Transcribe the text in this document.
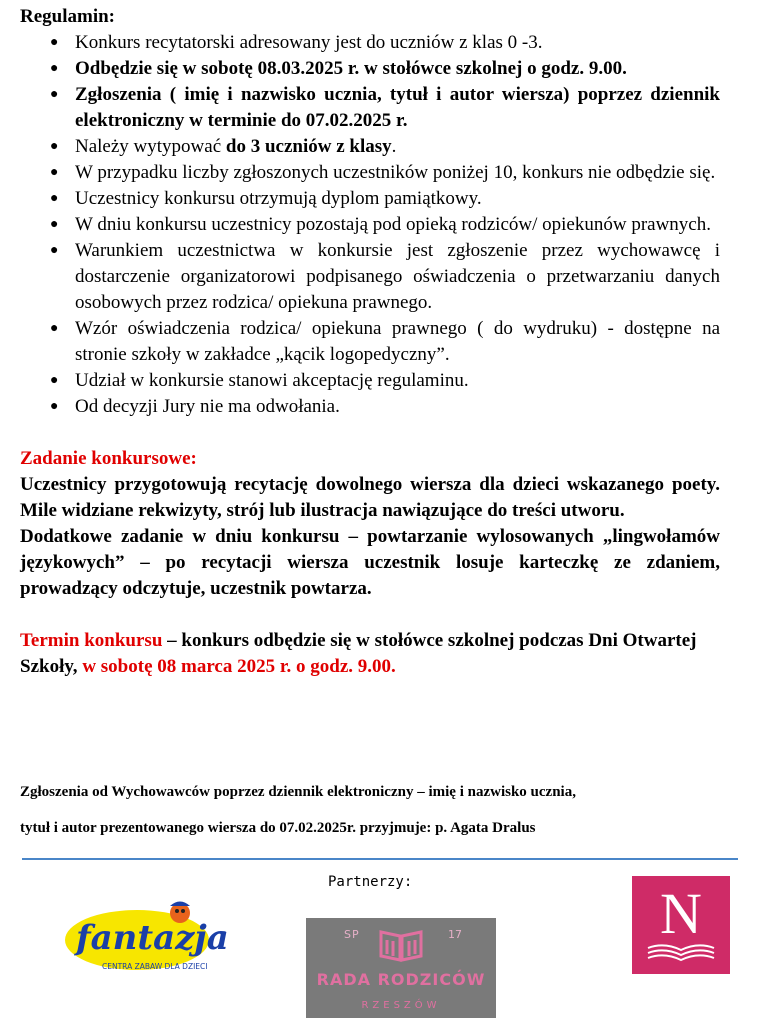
Regulamin:
● Konkurs recytatorski adresowany jest do uczniów z klas 0 -3.
● Odbędzie się w sobotę 08.03.2025 r. w stołówce szkolnej o godz. 9.00.
● Zgłoszenia ( imię i nazwisko ucznia, tytuł i autor wiersza) poprzez dziennik elektroniczny w terminie do 07.02.2025 r.
● Należy wytypować do 3 uczniów z klasy.
● W przypadku liczby zgłoszonych uczestników poniżej 10, konkurs nie odbędzie się.
● Uczestnicy konkursu otrzymują dyplom pamiątkowy.
● W dniu konkursu uczestnicy pozostają pod opieką rodziców/ opiekunów prawnych.
● Warunkiem uczestnictwa w konkursie jest zgłoszenie przez wychowawcę i dostarczenie organizatorowi podpisanego oświadczenia o przetwarzaniu danych osobowych przez rodzica/ opiekuna prawnego.
● Wzór oświadczenia rodzica/ opiekuna prawnego ( do wydruku) - dostępne na stronie szkoły w zakładce „kącik logopedyczny”.
● Udział w konkursie stanowi akceptację regulaminu.
● Od decyzji Jury nie ma odwołania.
Zadanie konkursowe:
Uczestnicy przygotowują recytację dowolnego wiersza dla dzieci wskazanego poety. Mile widziane rekwizyty, strój lub ilustracja nawiązujące do treści utworu.
Dodatkowe zadanie w dniu konkursu – powtarzanie wylosowanych „lingwołamów językowych” – po recytacji wiersza uczestnik losuje karteczkę ze zdaniem, prowadzący odczytuje, uczestnik powtarza.
Termin konkursu – konkurs odbędzie się w stołówce szkolnej podczas Dni Otwartej Szkoły, w sobotę 08 marca 2025 r. o godz. 9.00.
Zgłoszenia od Wychowawców poprzez dziennik elektroniczny – imię i nazwisko ucznia,
tytuł i autor prezentowanego wiersza do 07.02.2025r. przyjmuje: p. Agata Dralus
Partnerzy:
fantazja
CENTRA ZABAW DLA DZIECI
SP	17
RADA RODZICÓW
RZESZÓW
N
